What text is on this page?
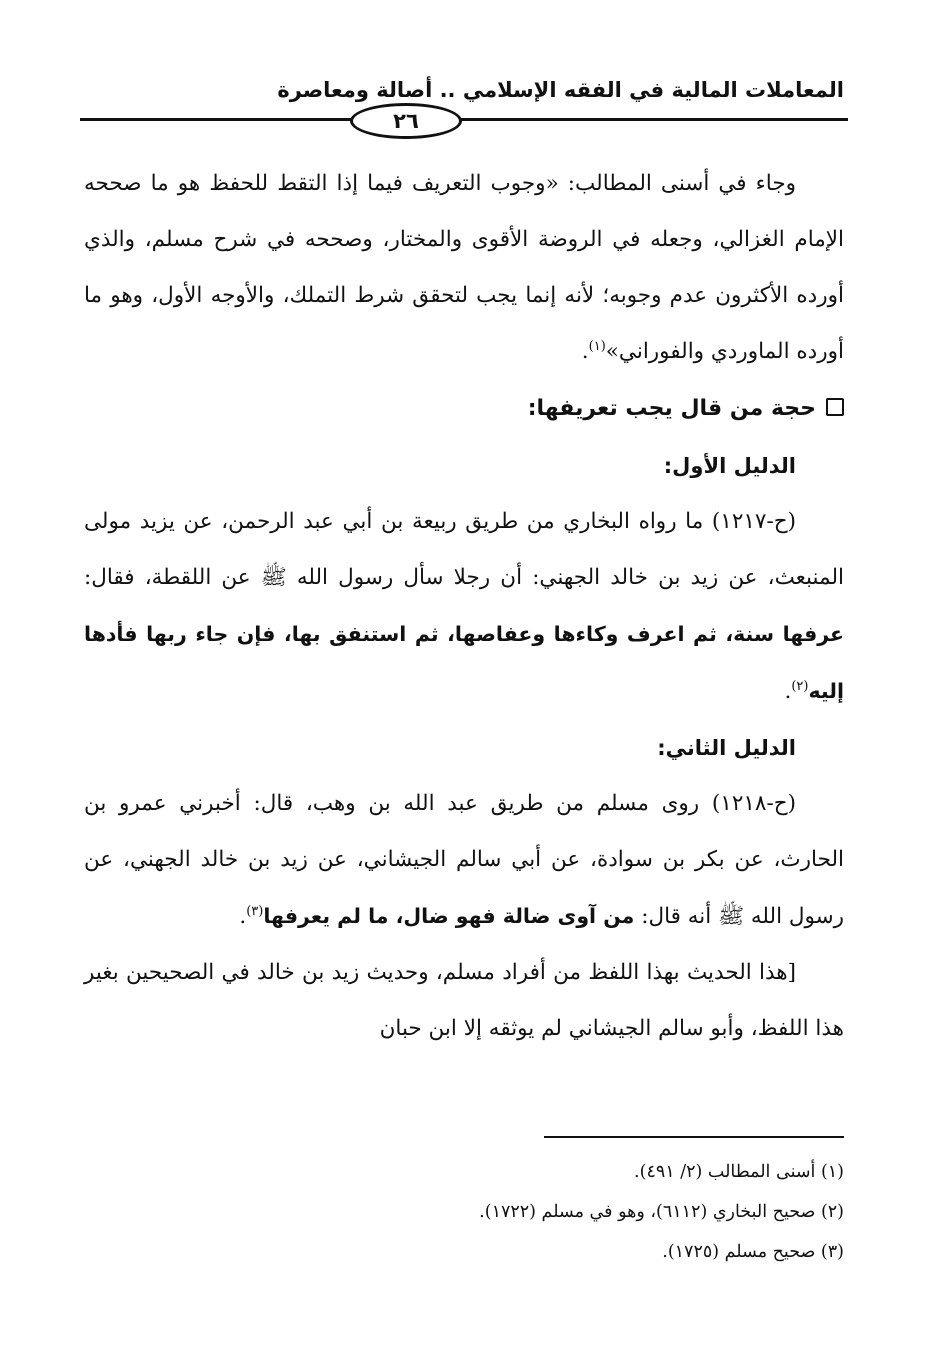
المعاملات المالية في الفقه الإسلامي .. أصالة ومعاصرة
٢٦

وجاء في أسنى المطالب: «وجوب التعريف فيما إذا التقط للحفظ هو ما صححه الإمام الغزالي، وجعله في الروضة الأقوى والمختار، وصححه في شرح مسلم، والذي أورده الأكثرون عدم وجوبه؛ لأنه إنما يجب لتحقق شرط التملك، والأوجه الأول، وهو ما أورده الماوردي والفوراني»$^{(١)}$.

حجة من قال يجب تعريفها:
الدليل الأول:

(ح-١٢١٧) ما رواه البخاري من طريق ربيعة بن أبي عبد الرحمن، عن يزيد مولى المنبعث، عن زيد بن خالد الجهني: أن رجلا سأل رسول الله ﷺ عن اللقطة، فقال: عرفها سنة، ثم اعرف وكاءها وعفاصها، ثم استنفق بها، فإن جاء ربها فأدها إليه$^{(٢)}$.

الدليل الثاني:

(ح-١٢١٨) روى مسلم من طريق عبد الله بن وهب، قال: أخبرني عمرو بن الحارث، عن بكر بن سوادة، عن أبي سالم الجيشاني، عن زيد بن خالد الجهني، عن رسول الله ﷺ أنه قال: من آوى ضالة فهو ضال، ما لم يعرفها$^{(٣)}$.

[هذا الحديث بهذا اللفظ من أفراد مسلم، وحديث زيد بن خالد في الصحيحين بغير هذا اللفظ، وأبو سالم الجيشاني لم يوثقه إلا ابن حبان

(١) أسنى المطالب (٢/ ٤٩١).
(٢) صحيح البخاري (٦١١٢)، وهو في مسلم (١٧٢٢).
(٣) صحيح مسلم (١٧٢٥).
